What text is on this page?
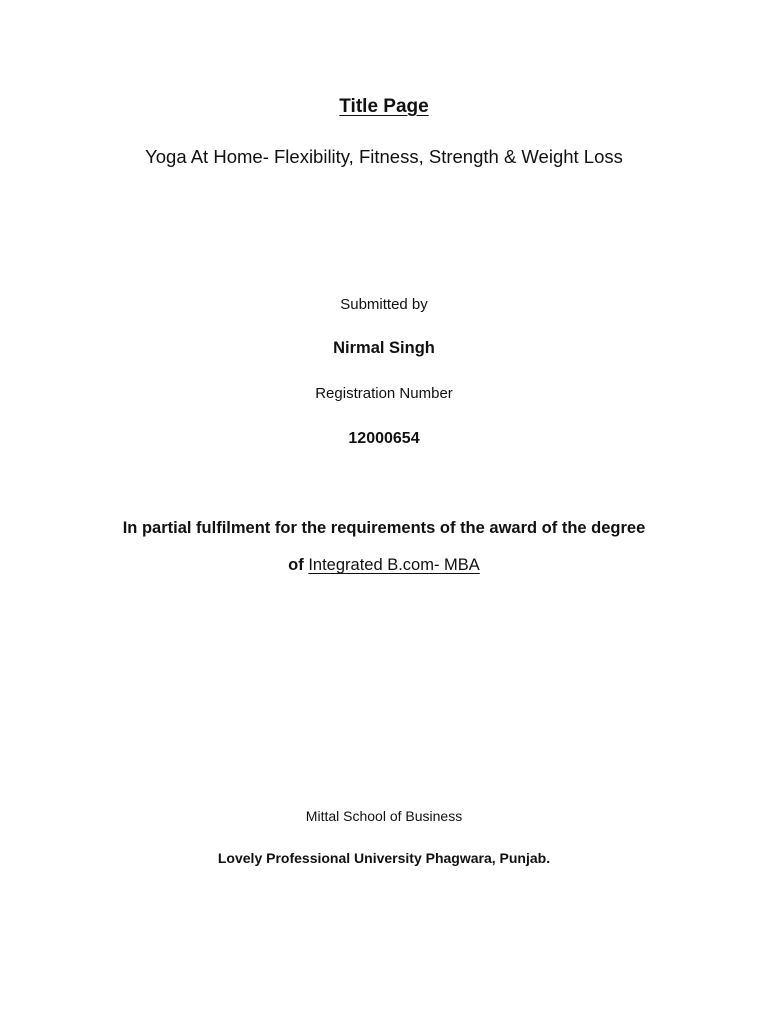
Title Page
Yoga At Home- Flexibility, Fitness, Strength & Weight Loss
Submitted by
Nirmal Singh
Registration Number
12000654
In partial fulfilment for the requirements of the award of the degree
of Integrated B.com- MBA
Mittal School of Business
Lovely Professional University Phagwara, Punjab.
